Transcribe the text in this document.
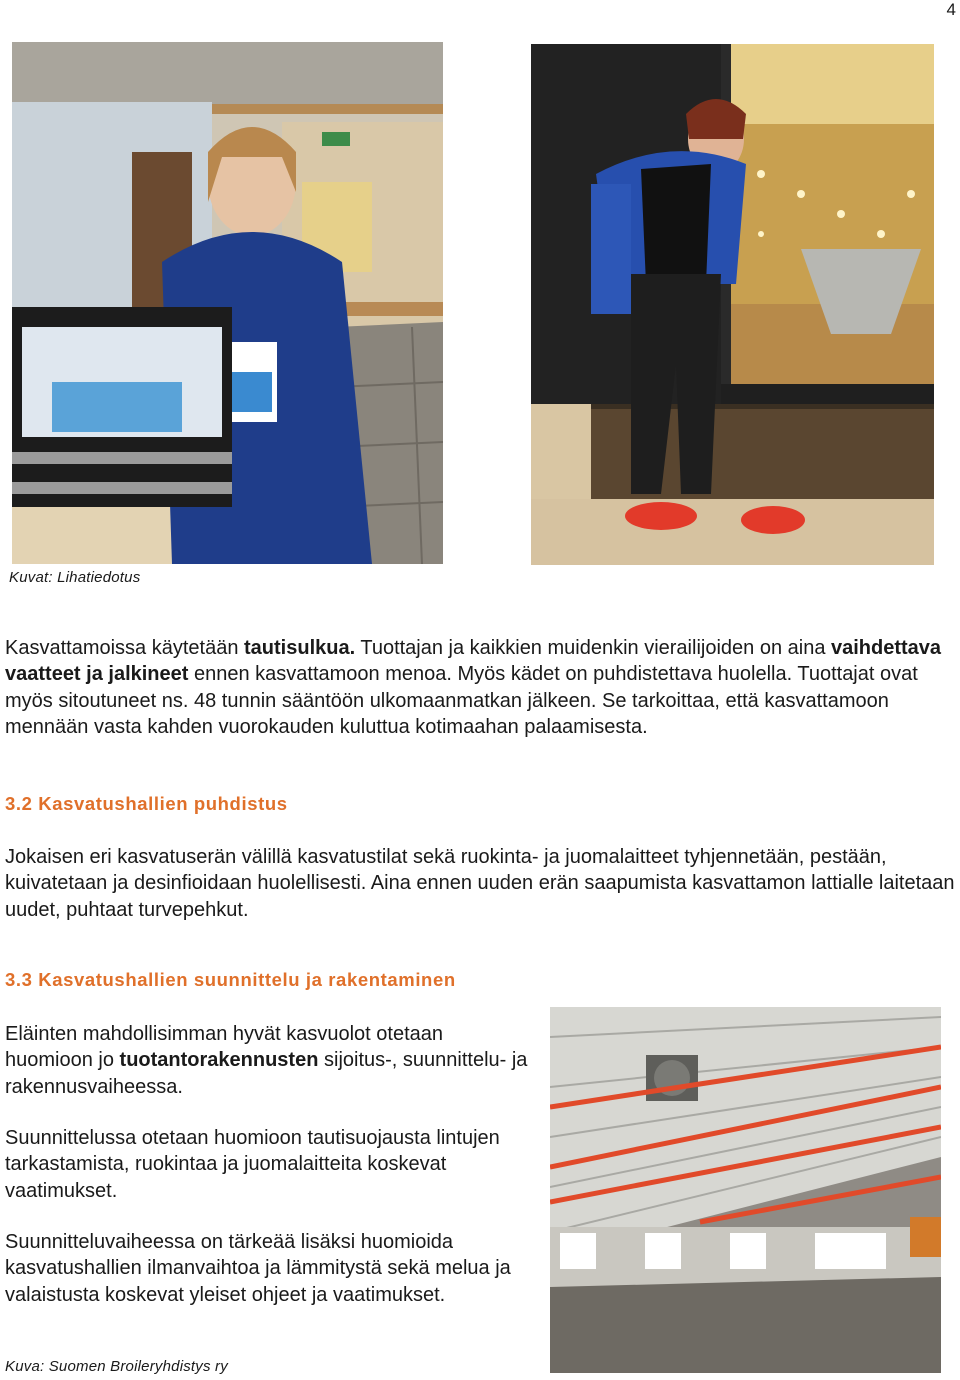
4
Kuvat: Lihatiedotus
Kasvattamoissa käytetään tautisulkua. Tuottajan ja kaikkien muidenkin vierailijoiden on aina vaihdettava vaatteet ja jalkineet ennen kasvattamoon menoa. Myös kädet on puhdistettava huolella. Tuottajat ovat myös sitoutuneet ns. 48 tunnin sääntöön ulkomaanmatkan jälkeen. Se tarkoittaa, että kasvattamoon mennään vasta kahden vuorokauden kuluttua kotimaahan palaamisesta.
3.2 Kasvatushallien puhdistus
Jokaisen eri kasvatuserän välillä kasvatustilat sekä ruokinta- ja juomalaitteet tyhjennetään, pestään, kuivatetaan ja desinfioidaan huolellisesti. Aina ennen uuden erän saapumista kasvattamon lattialle laitetaan uudet, puhtaat turvepehkut.
3.3 Kasvatushallien suunnittelu ja rakentaminen
Eläinten mahdollisimman hyvät kasvuolot otetaan huomioon jo tuotantorakennusten sijoitus-, suunnittelu- ja rakennusvaiheessa.
Suunnittelussa otetaan huomioon tautisuojausta lintujen tarkastamista, ruokintaa ja juomalaitteita koskevat vaatimukset.
Suunnitteluvaiheessa on tärkeää lisäksi huomioida kasvatushallien ilmanvaihtoa ja lämmitystä sekä melua ja valaistusta koskevat yleiset ohjeet ja vaatimukset.
Kuva: Suomen Broileryhdistys ry
